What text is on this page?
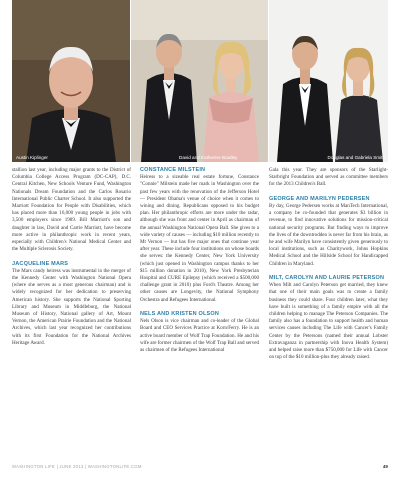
Austin Kiplinger	David and Katherine Bradley	Douglas and Gabriela Smith

stallion last year, including major grants to the District of Columbia College Access Program (DC-CAP), D.C. Central Kitchen, New Schools Venture Fund, Washington Nationals Dream Foundation and the Carlos Rosario International Public Charter School. It also supported the Marriott Foundation for People with Disabilities, which has placed more than 16,000 young people in jobs with 3,500 employers since 1989. Bill Marriott's son and daughter in law, David and Carrie Marriott, have become more active in philanthropic work in recent years, especially with Children's National Medical Center and the Multiple Sclerosis Society.

JACQUELINE MARS

The Mars candy heiress was instrumental in the merger of the Kennedy Center with Washington National Opera (where she serves as a most generous chairman) and is widely recognized for her dedication to preserving American history. She supports the National Sporting Library and Museum in Middleburg, the National Museum of History, National gallery of Art, Mount Vernon, the American Prairie Foundation and the National Archives, which last year recognized her contributions with its first Foundation for the National Archives Heritage Award.

CONSTANCE MILSTEIN

Heiress to a sizeable real estate fortune, Constance "Connie" Milstein made her mark in Washington over the past few years with the renovation of the Jefferson Hotel — President Obama's venue of choice when it comes to wining and dining. Republicans opposed to his budget plan. Her philanthropic efforts are more under the radar, although she was front and center in April as chairman of the annual Washington National Opera Ball. She gives to a wide variety of causes — including $10 million recently to Mt Vernon — but has five major ones that continue year after year. These include four institutions on whose boards she serves: the Kennedy Center, New York University (which just opened in Washington campus thanks to her $15 million donation in 2010), New York Presbyterian Hospital and CURE Epilepsy (which received a $500,000 challenge grant in 2010) plus Ford's Theatre. Among her other causes are Longevity, the National Symphony Orchestra and Refugees International.

NELS AND KRISTEN OLSON

Nels Olson is vice chairman and co-leader of the Global Board and CEO Services Practice at Korn/Ferry. He is an active board member of Wolf Trap Foundation. He and his wife are former chairmen of the Wolf Trap Ball and served as chairmen of the Refugees International

Gala this year. They are sponsors of the Starlight-Starbright Foundation and served as committee members for the 2013 Children's Ball.

GEORGE AND MARILYN PEDERSEN

By day, George Pedersen works at ManTech International, a company he co-founded that generates $3 billion in revenue, to find innovative solutions for mission-critical national security programs. But finding ways to improve the lives of the downtrodden is never far from his brain, as he and wife Marilyn have consistently given generously to local institutions, such as Charitywork, Johns Hopkins Medical School and the Hillside School for Handicapped Children in Maryland.

MILT, CAROLYN AND LAURIE PETERSON

When Milt and Carolyn Peterson get married, they knew that one of their main goals was to create a family business they could share. Four children later, what they have built is something of a family empire with all the children helping to manage The Peterson Companies. The family also has a foundation to support health and human services causes including The Life with Cancer's Family Center by the Petersons (named their annual Lobster Extravaganza in partnership with Inova Health System) and helped raise more than $750,000 for Life with Cancer on top of the $10 million-plus they already raised.

WASHINGTON LIFE | JUNE 2013 | WASHINGTONLIFE.COM	49
